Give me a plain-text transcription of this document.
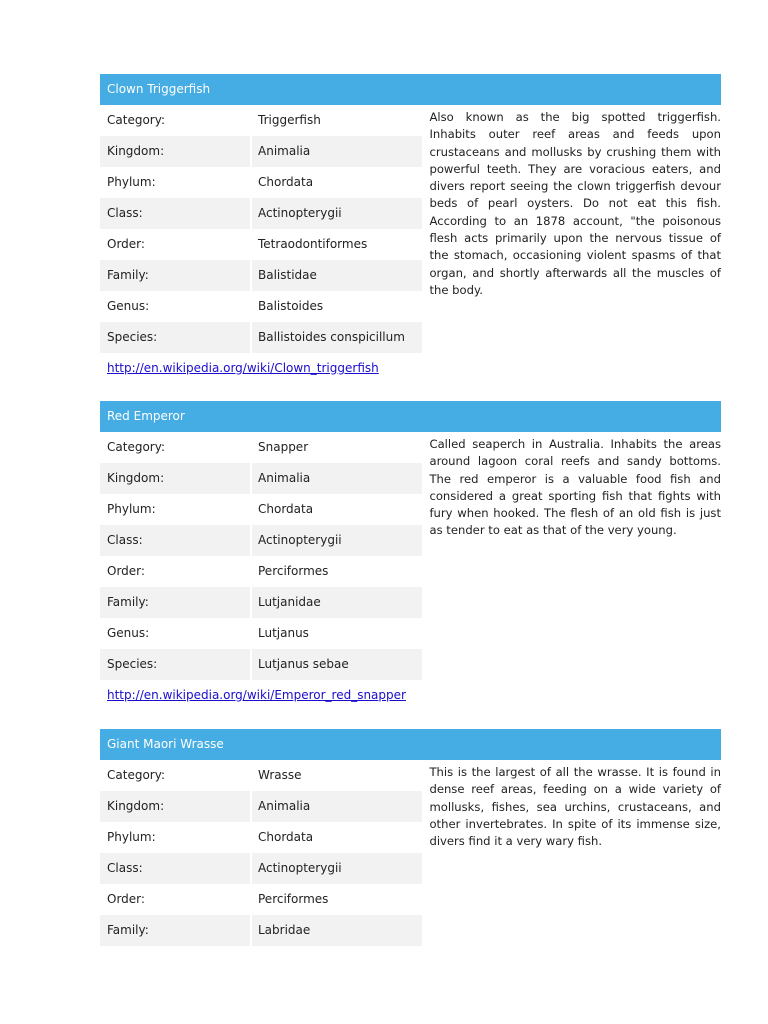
Clown Triggerfish
Category:	Triggerfish
Kingdom:	Animalia
Phylum:	Chordata
Class:	Actinopterygii
Order:	Tetraodontiformes
Family:	Balistidae
Genus:	Balistoides
Species:	Ballistoides conspicillum
Also known as the big spotted triggerfish. Inhabits outer reef areas and feeds upon crustaceans and mollusks by crushing them with powerful teeth. They are voracious eaters, and divers report seeing the clown triggerfish devour beds of pearl oysters. Do not eat this fish. According to an 1878 account, "the poisonous flesh acts primarily upon the nervous tissue of the stomach, occasioning violent spasms of that organ, and shortly afterwards all the muscles of the body.
http://en.wikipedia.org/wiki/Clown_triggerfish
Red Emperor
Category:	Snapper
Kingdom:	Animalia
Phylum:	Chordata
Class:	Actinopterygii
Order:	Perciformes
Family:	Lutjanidae
Genus:	Lutjanus
Species:	Lutjanus sebae
Called seaperch in Australia. Inhabits the areas around lagoon coral reefs and sandy bottoms. The red emperor is a valuable food fish and considered a great sporting fish that fights with fury when hooked. The flesh of an old fish is just as tender to eat as that of the very young.
http://en.wikipedia.org/wiki/Emperor_red_snapper
Giant Maori Wrasse
Category:	Wrasse
Kingdom:	Animalia
Phylum:	Chordata
Class:	Actinopterygii
Order:	Perciformes
Family:	Labridae
This is the largest of all the wrasse. It is found in dense reef areas, feeding on a wide variety of mollusks, fishes, sea urchins, crustaceans, and other invertebrates. In spite of its immense size, divers find it a very wary fish.
